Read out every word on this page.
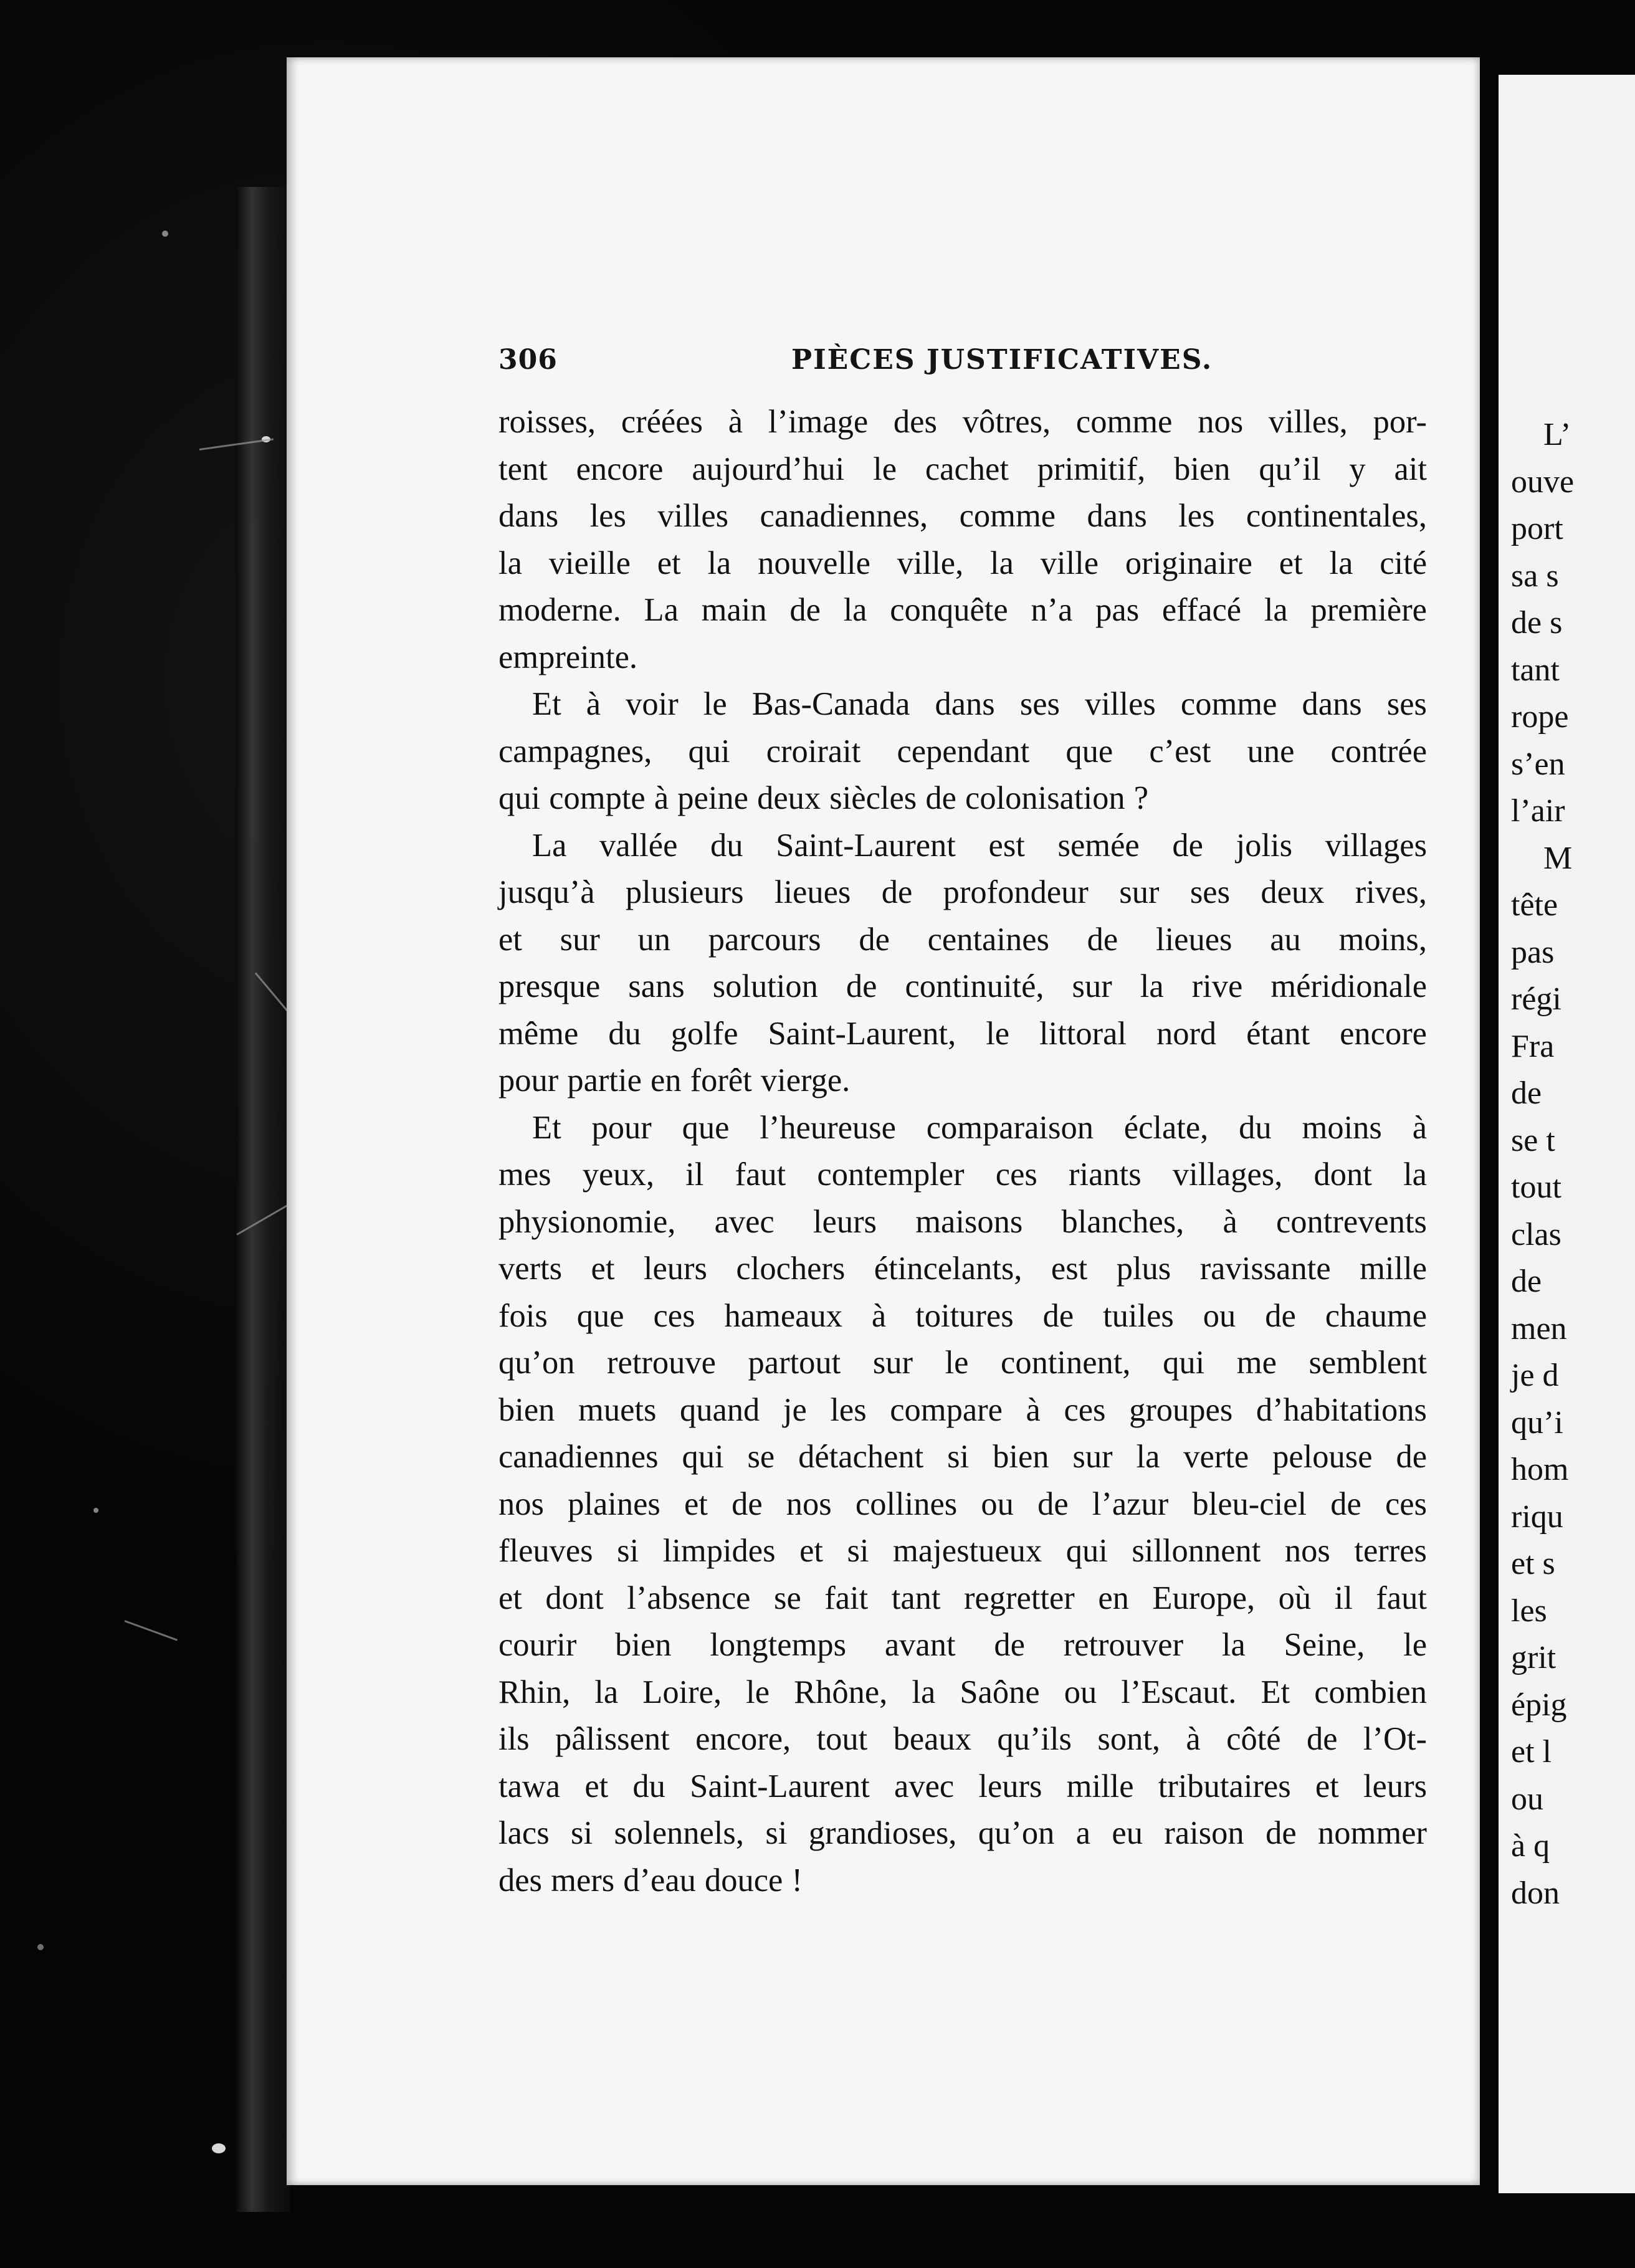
306	PIÈCES JUSTIFICATIVES.
roisses, créées à l’image des vôtres, comme nos villes, por-
tent encore aujourd’hui le cachet primitif, bien qu’il y ait
dans les villes canadiennes, comme dans les continentales,
la vieille et la nouvelle ville, la ville originaire et la cité
moderne. La main de la conquête n’a pas effacé la première
empreinte.
Et à voir le Bas-Canada dans ses villes comme dans ses
campagnes, qui croirait cependant que c’est une contrée
qui compte à peine deux siècles de colonisation ?
La vallée du Saint-Laurent est semée de jolis villages
jusqu’à plusieurs lieues de profondeur sur ses deux rives,
et sur un parcours de centaines de lieues au moins,
presque sans solution de continuité, sur la rive méridionale
même du golfe Saint-Laurent, le littoral nord étant encore
pour partie en forêt vierge.
Et pour que l’heureuse comparaison éclate, du moins à
mes yeux, il faut contempler ces riants villages, dont la
physionomie, avec leurs maisons blanches, à contrevents
verts et leurs clochers étincelants, est plus ravissante mille
fois que ces hameaux à toitures de tuiles ou de chaume
qu’on retrouve partout sur le continent, qui me semblent
bien muets quand je les compare à ces groupes d’habitations
canadiennes qui se détachent si bien sur la verte pelouse de
nos plaines et de nos collines ou de l’azur bleu-ciel de ces
fleuves si limpides et si majestueux qui sillonnent nos terres
et dont l’absence se fait tant regretter en Europe, où il faut
courir bien longtemps avant de retrouver la Seine, le
Rhin, la Loire, le Rhône, la Saône ou l’Escaut. Et combien
ils pâlissent encore, tout beaux qu’ils sont, à côté de l’Ot-
tawa et du Saint-Laurent avec leurs mille tributaires et leurs
lacs si solennels, si grandioses, qu’on a eu raison de nommer
des mers d’eau douce !
L’
ouve
port
sa s
de s
tant
rope
s’en
l’air
M
tête
pas
régi
Fra
de
se t
tout
clas
de
men
je d
qu’i
hom
riqu
et s
les
grit
épig
et l
ou
à q
don
